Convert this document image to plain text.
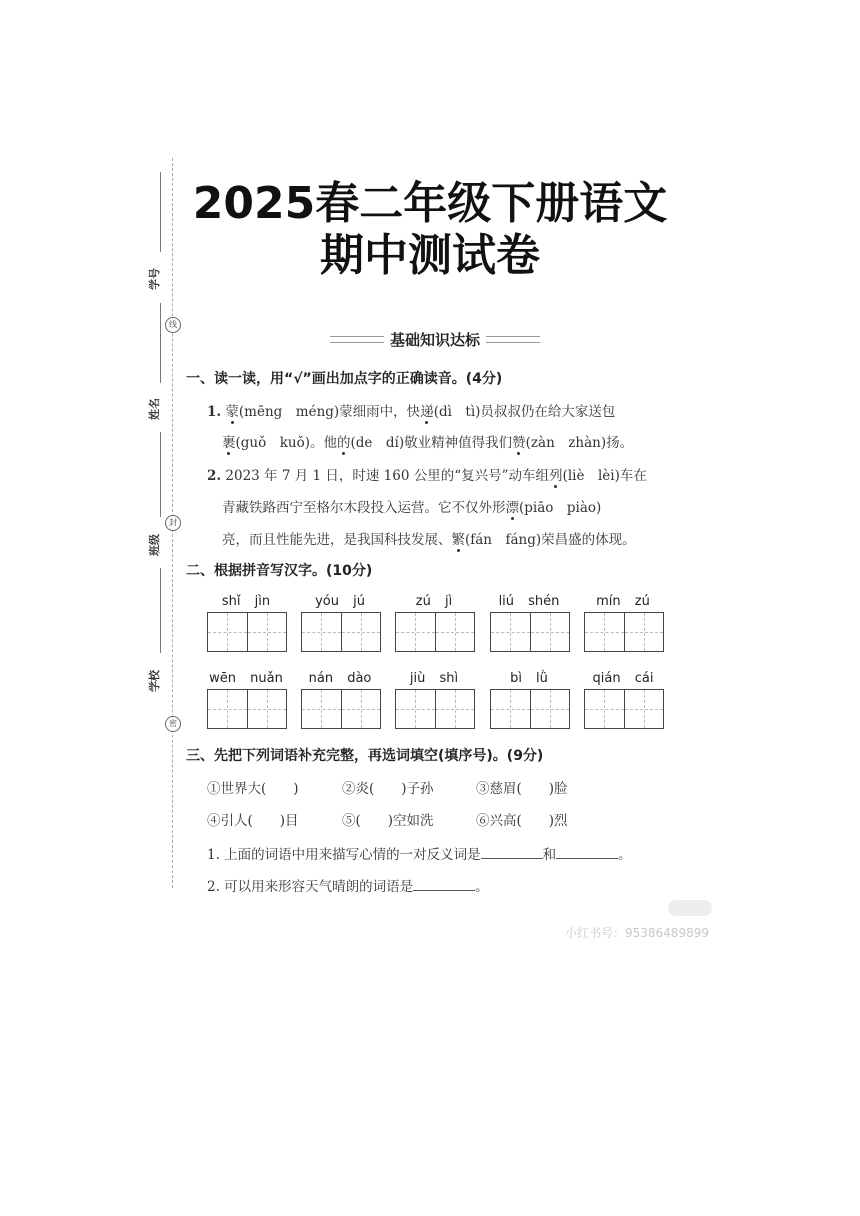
学号
姓名
班级
学校
线
封
密
2025春二年级下册语文
期中测试卷
基础知识达标
一、读一读，用“√”画出加点字的正确读音。(4分)
1. 蒙(mēng　méng)蒙细雨中，快递(dì　tì)员叔叔仍在给大家送包
裹(guǒ　kuǒ)。他的(de　dí)敬业精神值得我们赞(zàn　zhàn)扬。
2. 2023 年 7 月 1 日，时速 160 公里的“复兴号”动车组列(liè　lèi)车在
青藏铁路西宁至格尔木段投入运营。它不仅外形漂(piāo　piào)
亮，而且性能先进，是我国科技发展、繁(fán　fáng)荣昌盛的体现。
二、根据拼音写汉字。(10分)
shǐ jìn	yóu jú	zú jì	liú shén	mín zú
wēn nuǎn	nán dào	jiù shì	bì lǜ	qián cái
三、先把下列词语补充完整，再选词填空(填序号)。(9分)
①世界大(　　)	②炎(　　)子孙	③慈眉(　　)脸
④引人(　　)目	⑤(　　)空如洗	⑥兴高(　　)烈
1. 上面的词语中用来描写心情的一对反义词是	和	。
2. 可以用来形容天气晴朗的词语是	。
小红书号：95386489899
